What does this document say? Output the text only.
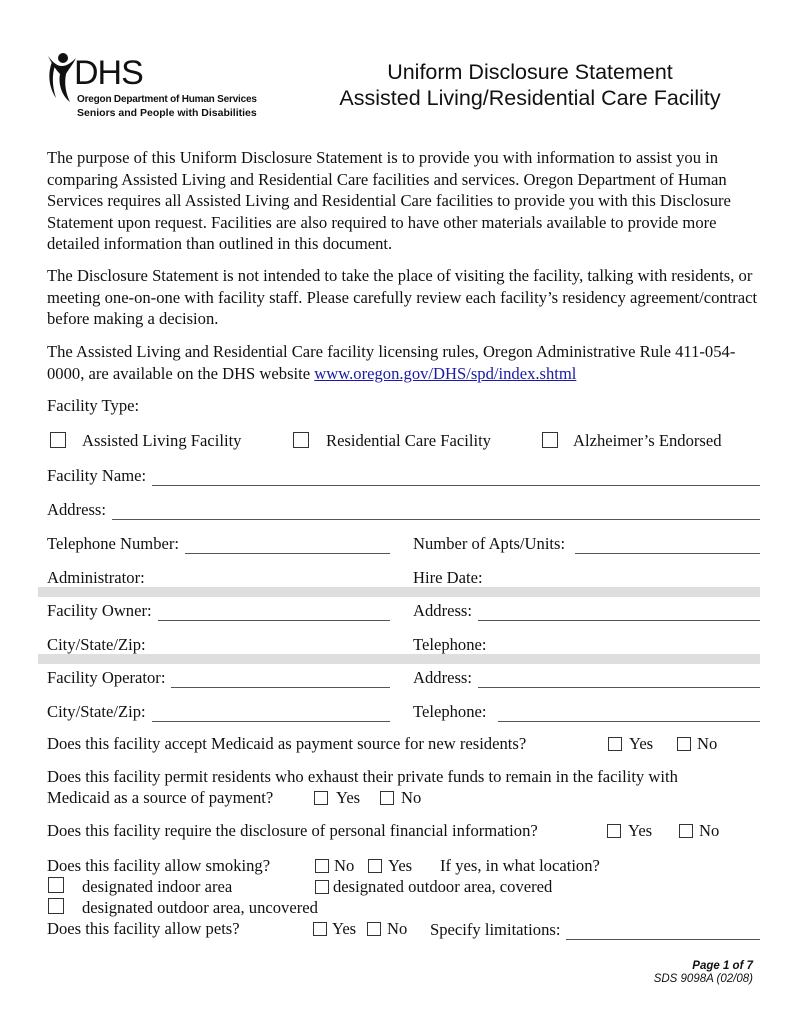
DHS
Oregon Department of Human Services
Seniors and People with Disabilities
Uniform Disclosure Statement
Assisted Living/Residential Care Facility
The purpose of this Uniform Disclosure Statement is to provide you with information to assist you in comparing Assisted Living and Residential Care facilities and services. Oregon Department of Human Services requires all Assisted Living and Residential Care facilities to provide you with this Disclosure Statement upon request. Facilities are also required to have other materials available to provide more detailed information than outlined in this document.
The Disclosure Statement is not intended to take the place of visiting the facility, talking with residents, or meeting one-on-one with facility staff. Please carefully review each facility’s residency agreement/contract before making a decision.
The Assisted Living and Residential Care facility licensing rules, Oregon Administrative Rule 411-054-0000, are available on the DHS website www.oregon.gov/DHS/spd/index.shtml
Facility Type:
Assisted Living Facility	Residential Care Facility	Alzheimer’s Endorsed
Facility Name:
Address:
Telephone Number:	Number of Apts/Units:
Administrator:	Hire Date:
Facility Owner:	Address:
City/State/Zip:	Telephone:
Facility Operator:	Address:
City/State/Zip:	Telephone:
Does this facility accept Medicaid as payment source for new residents?	Yes	No
Does this facility permit residents who exhaust their private funds to remain in the facility with
Medicaid as a source of payment?	Yes No
Does this facility require the disclosure of personal financial information?	Yes	No
Does this facility allow smoking?	No Yes If yes, in what location?
designated indoor area	designated outdoor area, covered
designated outdoor area, uncovered
Does this facility allow pets?	Yes No Specify limitations:
Page 1 of 7
SDS 9098A (02/08)
